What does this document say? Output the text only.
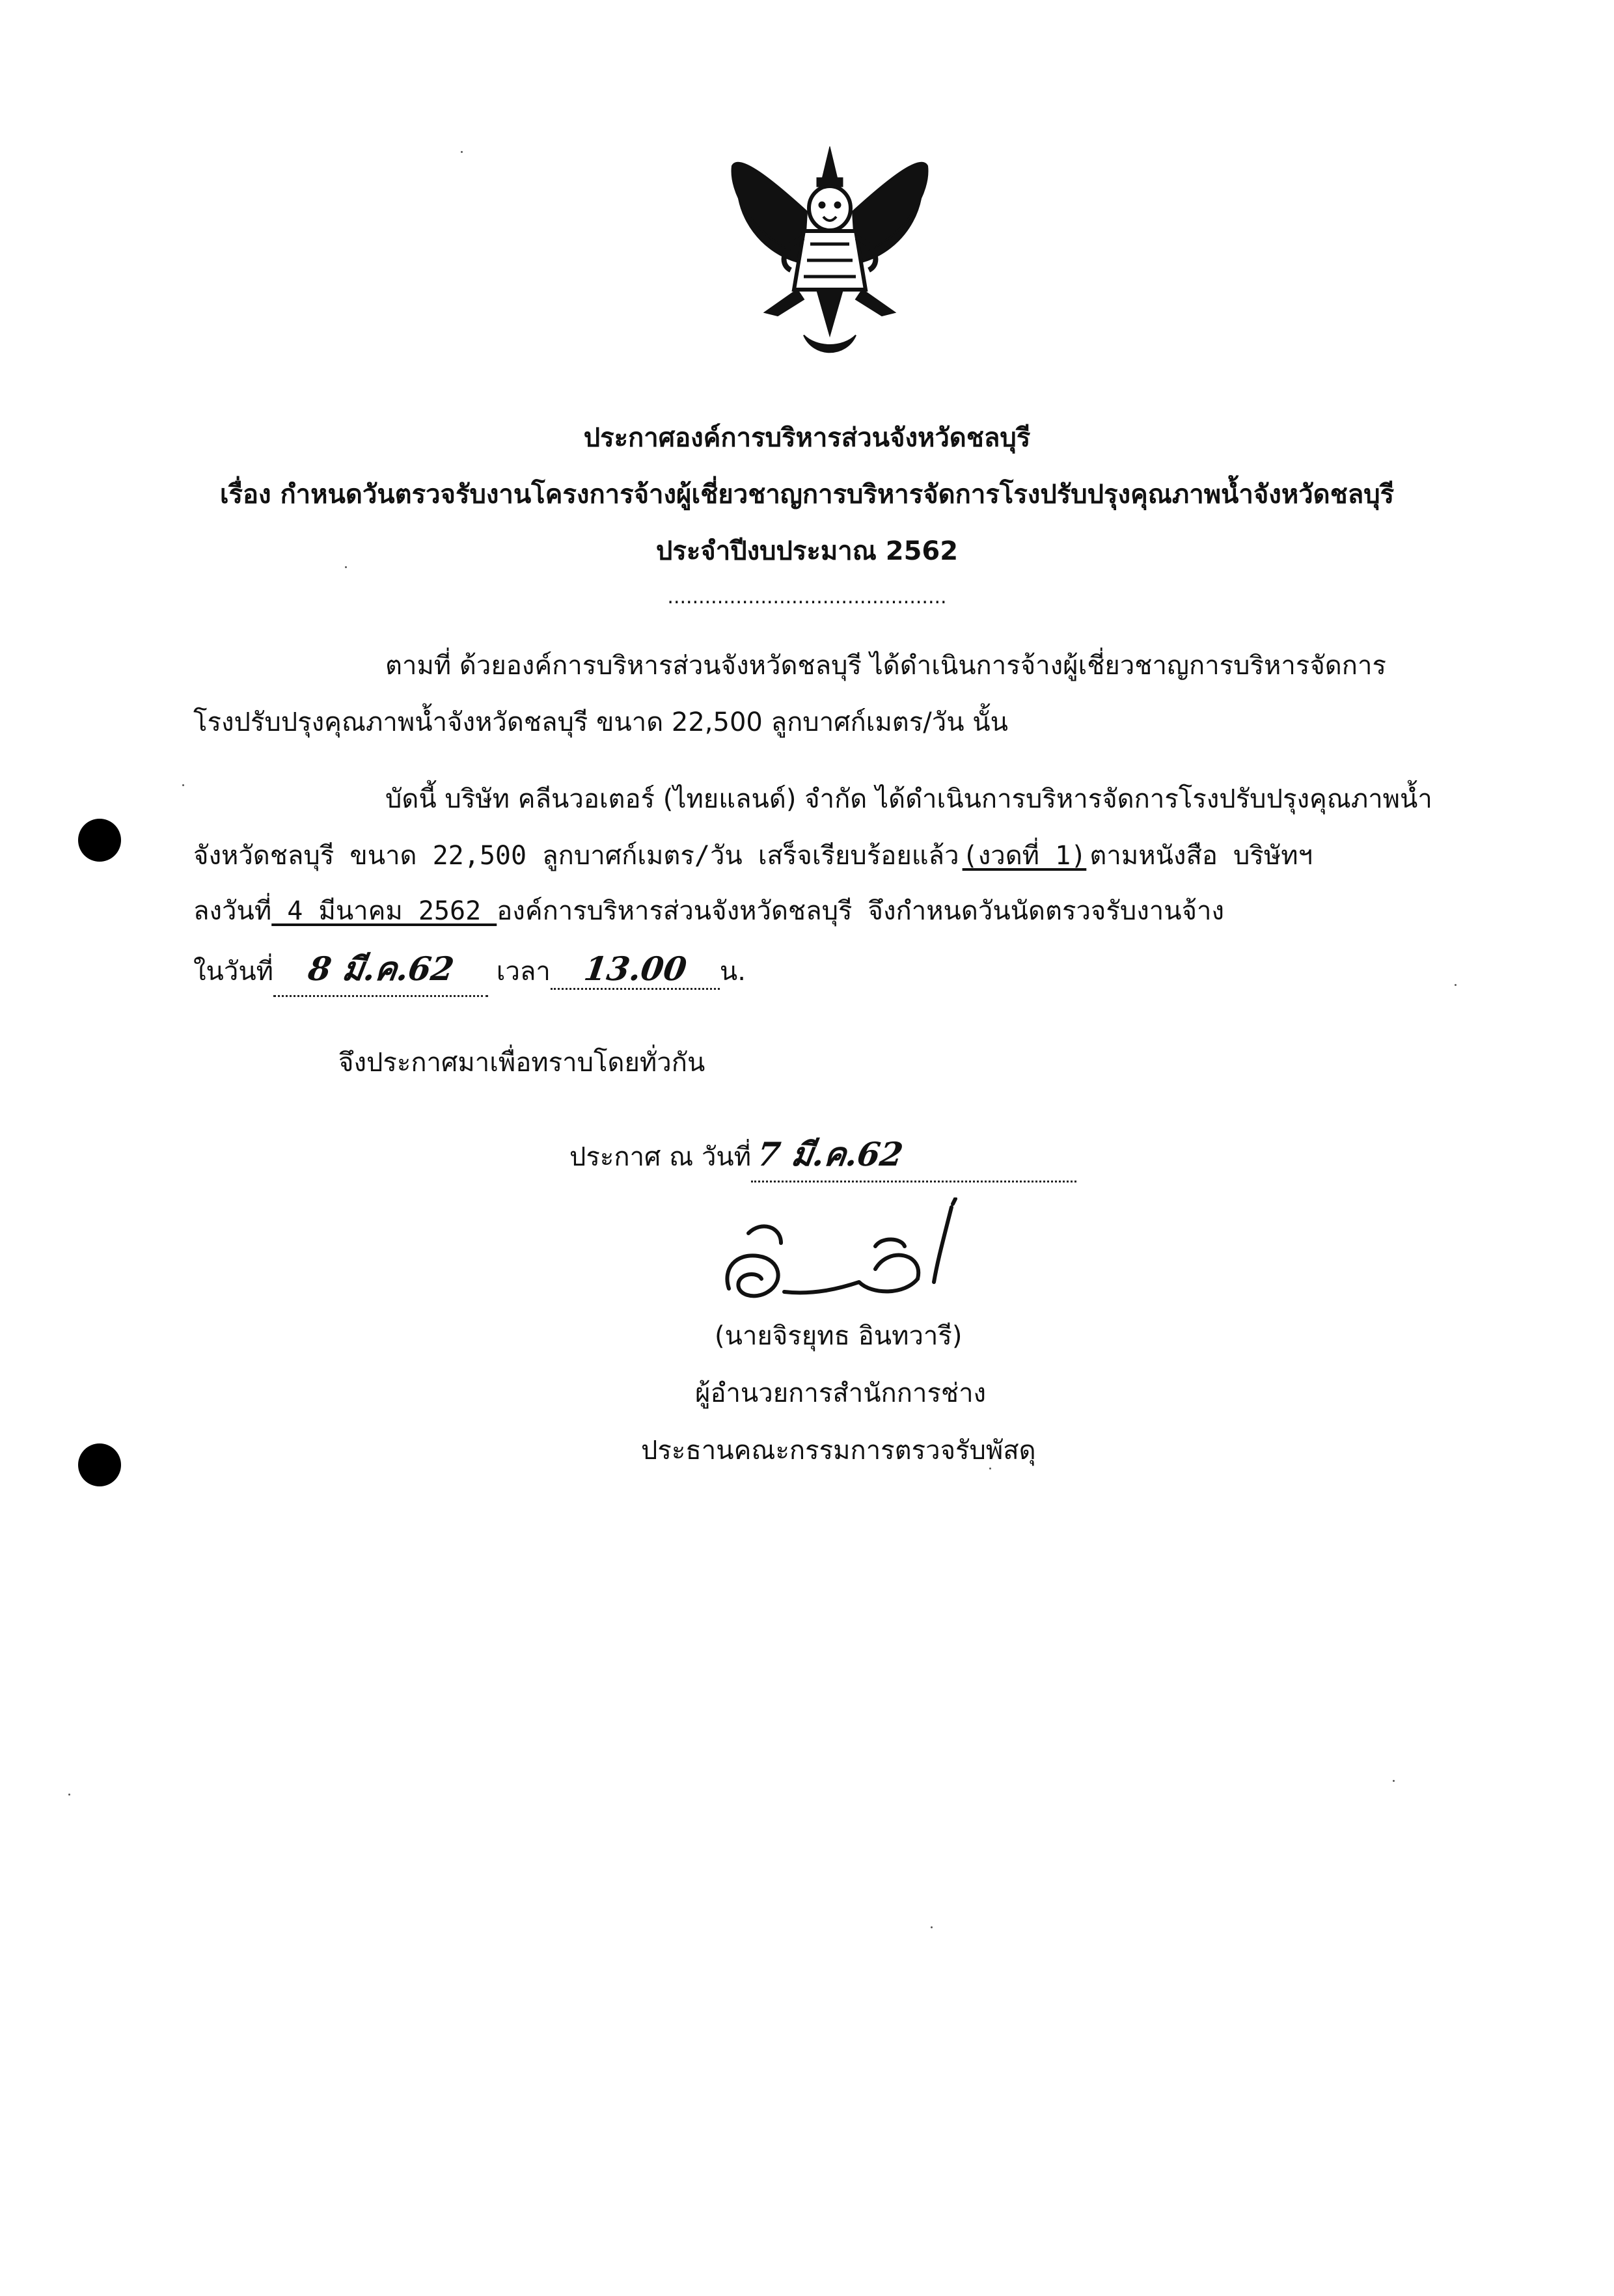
ประกาศองค์การบริหารส่วนจังหวัดชลบุรี
เรื่อง กำหนดวันตรวจรับงานโครงการจ้างผู้เชี่ยวชาญการบริหารจัดการโรงปรับปรุงคุณภาพน้ำจังหวัดชลบุรี
ประจำปีงบประมาณ 2562
.............................................
ตามที่ ด้วยองค์การบริหารส่วนจังหวัดชลบุรี ได้ดำเนินการจ้างผู้เชี่ยวชาญการบริหารจัดการ
โรงปรับปรุงคุณภาพน้ำจังหวัดชลบุรี ขนาด 22,500 ลูกบาศก์เมตร/วัน นั้น
บัดนี้ บริษัท คลีนวอเตอร์ (ไทยแลนด์) จำกัด ได้ดำเนินการบริหารจัดการโรงปรับปรุงคุณภาพน้ำ
จังหวัดชลบุรี ขนาด 22,500 ลูกบาศก์เมตร/วัน เสร็จเรียบร้อยแล้ว (งวดที่ 1) ตามหนังสือ บริษัทฯ
ลงวันที่ 4 มีนาคม 2562 องค์การบริหารส่วนจังหวัดชลบุรี จึงกำหนดวันนัดตรวจรับงานจ้าง
ในวันที่ 8 มี.ค.62 เวลา 13.00 น.
จึงประกาศมาเพื่อทราบโดยทั่วกัน
ประกาศ ณ วันที่ 7 มี.ค.62
(นายจิรยุทธ อินทวารี)
ผู้อำนวยการสำนักการช่าง
ประธานคณะกรรมการตรวจรับพัสดุ
